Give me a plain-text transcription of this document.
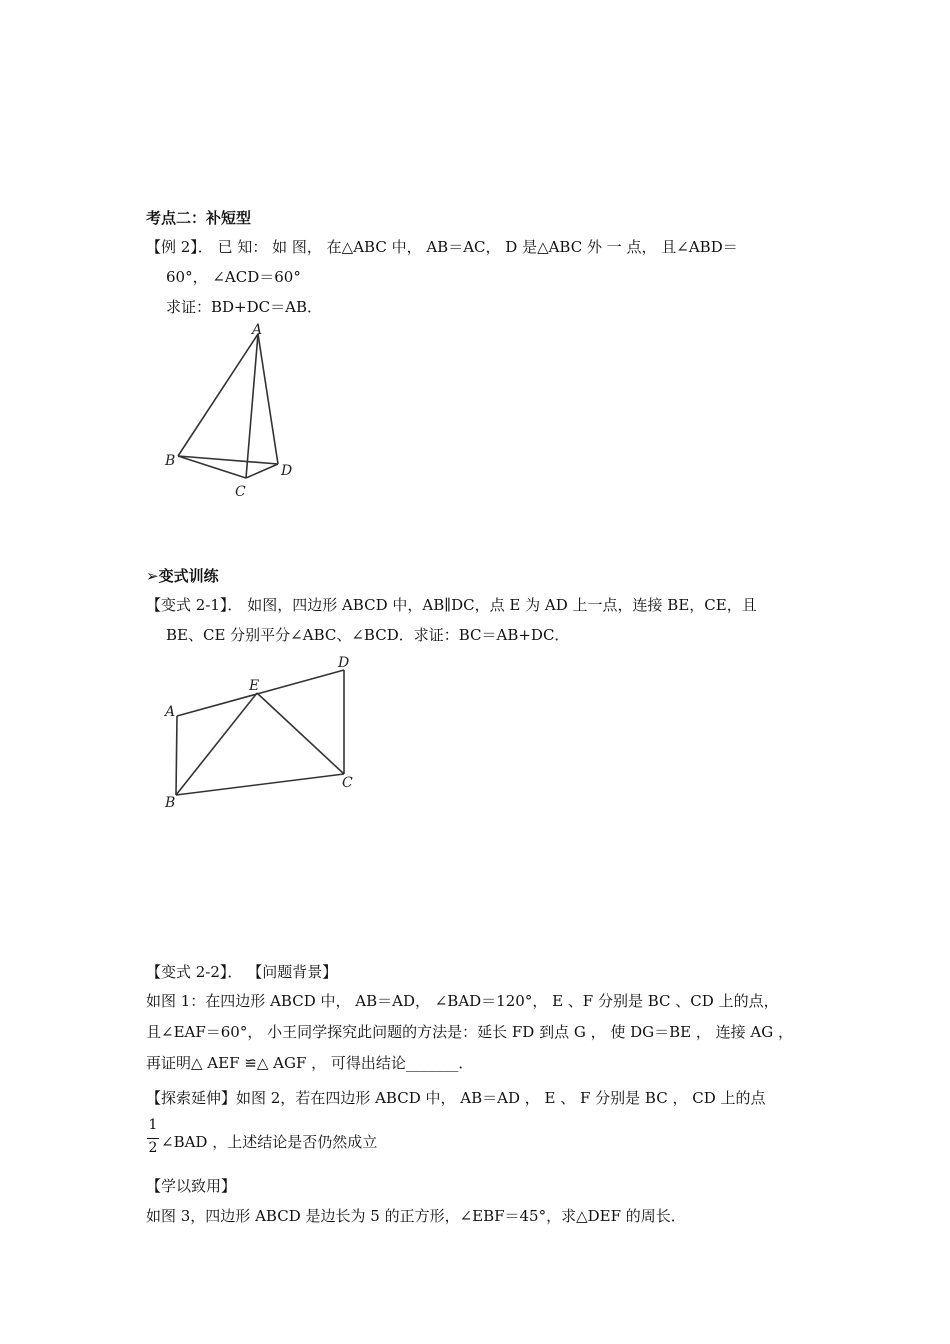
考点二：补短型
【例 2】． 已 知： 如 图， 在△ABC 中， AB＝AC， D 是△ABC 外 一 点， 且∠ABD＝
60°， ∠ACD＝60°
求证：BD+DC＝AB．
A
B
C
D
➢变式训练
【变式 2-1】． 如图，四边形 ABCD 中，AB∥DC，点 E 为 AD 上一点，连接 BE，CE，且
BE、CE 分别平分∠ABC、∠BCD．求证：BC＝AB+DC．
A
B
C
D
E
【变式 2-2】． 【问题背景】
如图 1：在四边形 ABCD 中， AB＝AD， ∠BAD＝120°， E 、F 分别是 BC 、CD 上的点，
且∠EAF＝60°， 小王同学探究此问题的方法是：延长 FD 到点 G ， 使 DG＝BE ， 连接 AG ，
再证明△ AEF ≌△ AGF ， 可得出结论_______．
【探索延伸】如图 2，若在四边形 ABCD 中， AB＝AD ， E 、 F 分别是 BC ， CD 上的点
1
2 ∠BAD ，上述结论是否仍然成立
【学以致用】
如图 3，四边形 ABCD 是边长为 5 的正方形，∠EBF＝45°，求△DEF 的周长．
